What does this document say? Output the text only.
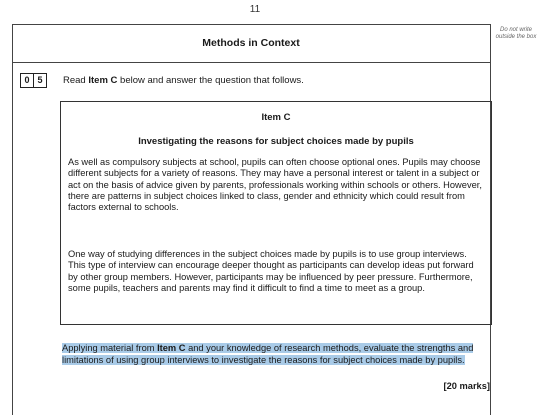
11
Do not write outside the box
Methods in Context
0 5	Read Item C below and answer the question that follows.
Item C
Investigating the reasons for subject choices made by pupils

As well as compulsory subjects at school, pupils can often choose optional ones. Pupils may choose different subjects for a variety of reasons. They may have a personal interest or talent in a subject or act on the basis of advice given by parents, professionals working within schools or others. However, there are patterns in subject choices linked to class, gender and ethnicity which could result from factors external to schools.

One way of studying differences in the subject choices made by pupils is to use group interviews. This type of interview can encourage deeper thought as participants can develop ideas put forward by other group members. However, participants may be influenced by peer pressure. Furthermore, some pupils, teachers and parents may find it difficult to find a time to meet as a group.

Applying material from Item C and your knowledge of research methods, evaluate the strengths and limitations of using group interviews to investigate the reasons for subject choices made by pupils.

[20 marks]
